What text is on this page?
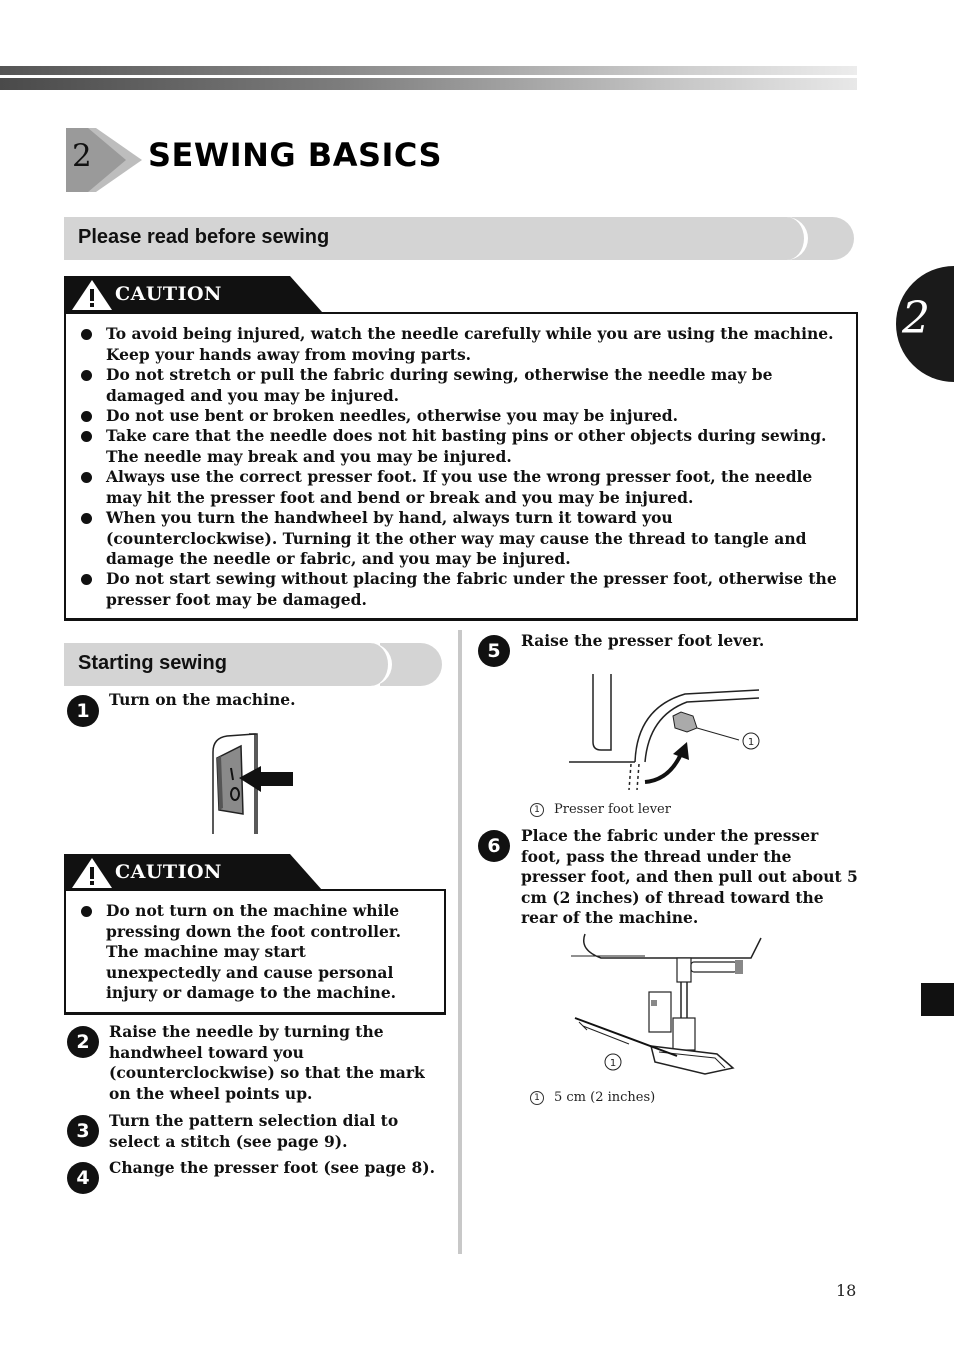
2 SEWING BASICS
2
Please read before sewing
CAUTION
To avoid being injured, watch the needle carefully while you are using the machine. Keep your hands away from moving parts.
Do not stretch or pull the fabric during sewing, otherwise the needle may be damaged and you may be injured.
Do not use bent or broken needles, otherwise you may be injured.
Take care that the needle does not hit basting pins or other objects during sewing. The needle may break and you may be injured.
Always use the correct presser foot. If you use the wrong presser foot, the needle may hit the presser foot and bend or break and you may be injured.
When you turn the handwheel by hand, always turn it toward you (counterclockwise). Turning it the other way may cause the thread to tangle and damage the needle or fabric, and you may be injured.
Do not start sewing without placing the fabric under the presser foot, otherwise the presser foot may be damaged.
Starting sewing
1
Turn on the machine.
CAUTION
Do not turn on the machine while pressing down the foot controller. The machine may start unexpectedly and cause personal injury or damage to the machine.
2	Raise the needle by turning the handwheel toward you (counterclockwise) so that the mark on the wheel points up.
3	Turn the pattern selection dial to select a stitch (see page 9).
4	Change the presser foot (see page 8).
5	Raise the presser foot lever.
1
1 Presser foot lever
6	Place the fabric under the presser foot, pass the thread under the presser foot, and then pull out about 5 cm (2 inches) of thread toward the rear of the machine.
1
1 5 cm (2 inches)
18
